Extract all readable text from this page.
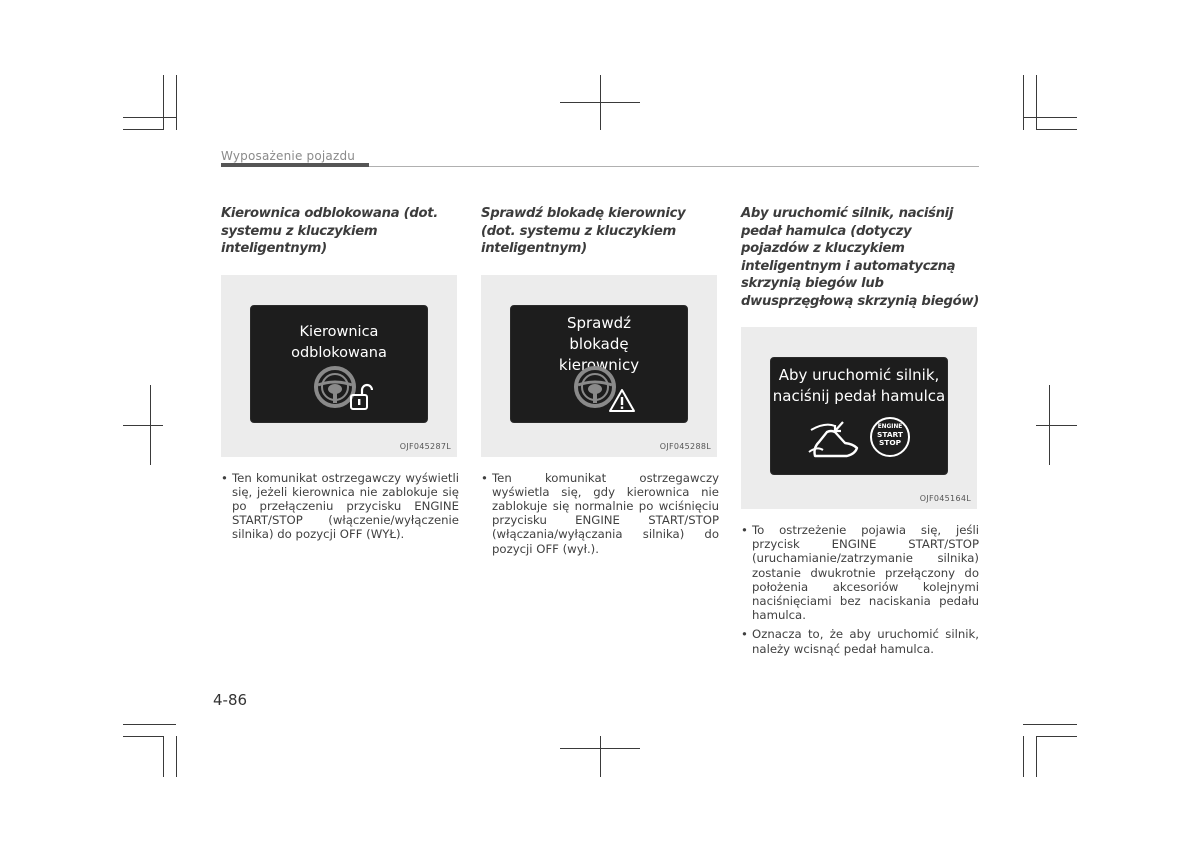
Wyposażenie pojazdu

Kierownica odblokowana (dot. systemu z kluczykiem inteligentnym)

Kierownica odblokowana
OJF045287L
• Ten komunikat ostrzegawczy wyświetli się, jeżeli kierownica nie zablokuje się po przełączeniu przycisku ENGINE START/STOP (włączenie/wyłączenie silnika) do pozycji OFF (WYŁ).

Sprawdź blokadę kierownicy (dot. systemu z kluczykiem inteligentnym)

Sprawdź blokadę kierownicy
OJF045288L
• Ten komunikat ostrzegawczy wyświetla się, gdy kierownica nie zablokuje się normalnie po wciśnięciu przycisku ENGINE START/STOP (włączania/wyłączania silnika) do pozycji OFF (wył.).

Aby uruchomić silnik, naciśnij pedał hamulca (dotyczy pojazdów z kluczykiem inteligentnym i automatyczną skrzynią biegów lub dwusprzęgłową skrzynią biegów)

Aby uruchomić silnik, naciśnij pedał hamulca
ENGINE
START
STOP
OJF045164L
• To ostrzeżenie pojawia się, jeśli przycisk ENGINE START/STOP (uruchamianie/zatrzymanie silnika) zostanie dwukrotnie przełączony do położenia akcesoriów kolejnymi naciśnięciami bez naciskania pedału hamulca.
• Oznacza to, że aby uruchomić silnik, należy wcisnąć pedał hamulca.
4-86
